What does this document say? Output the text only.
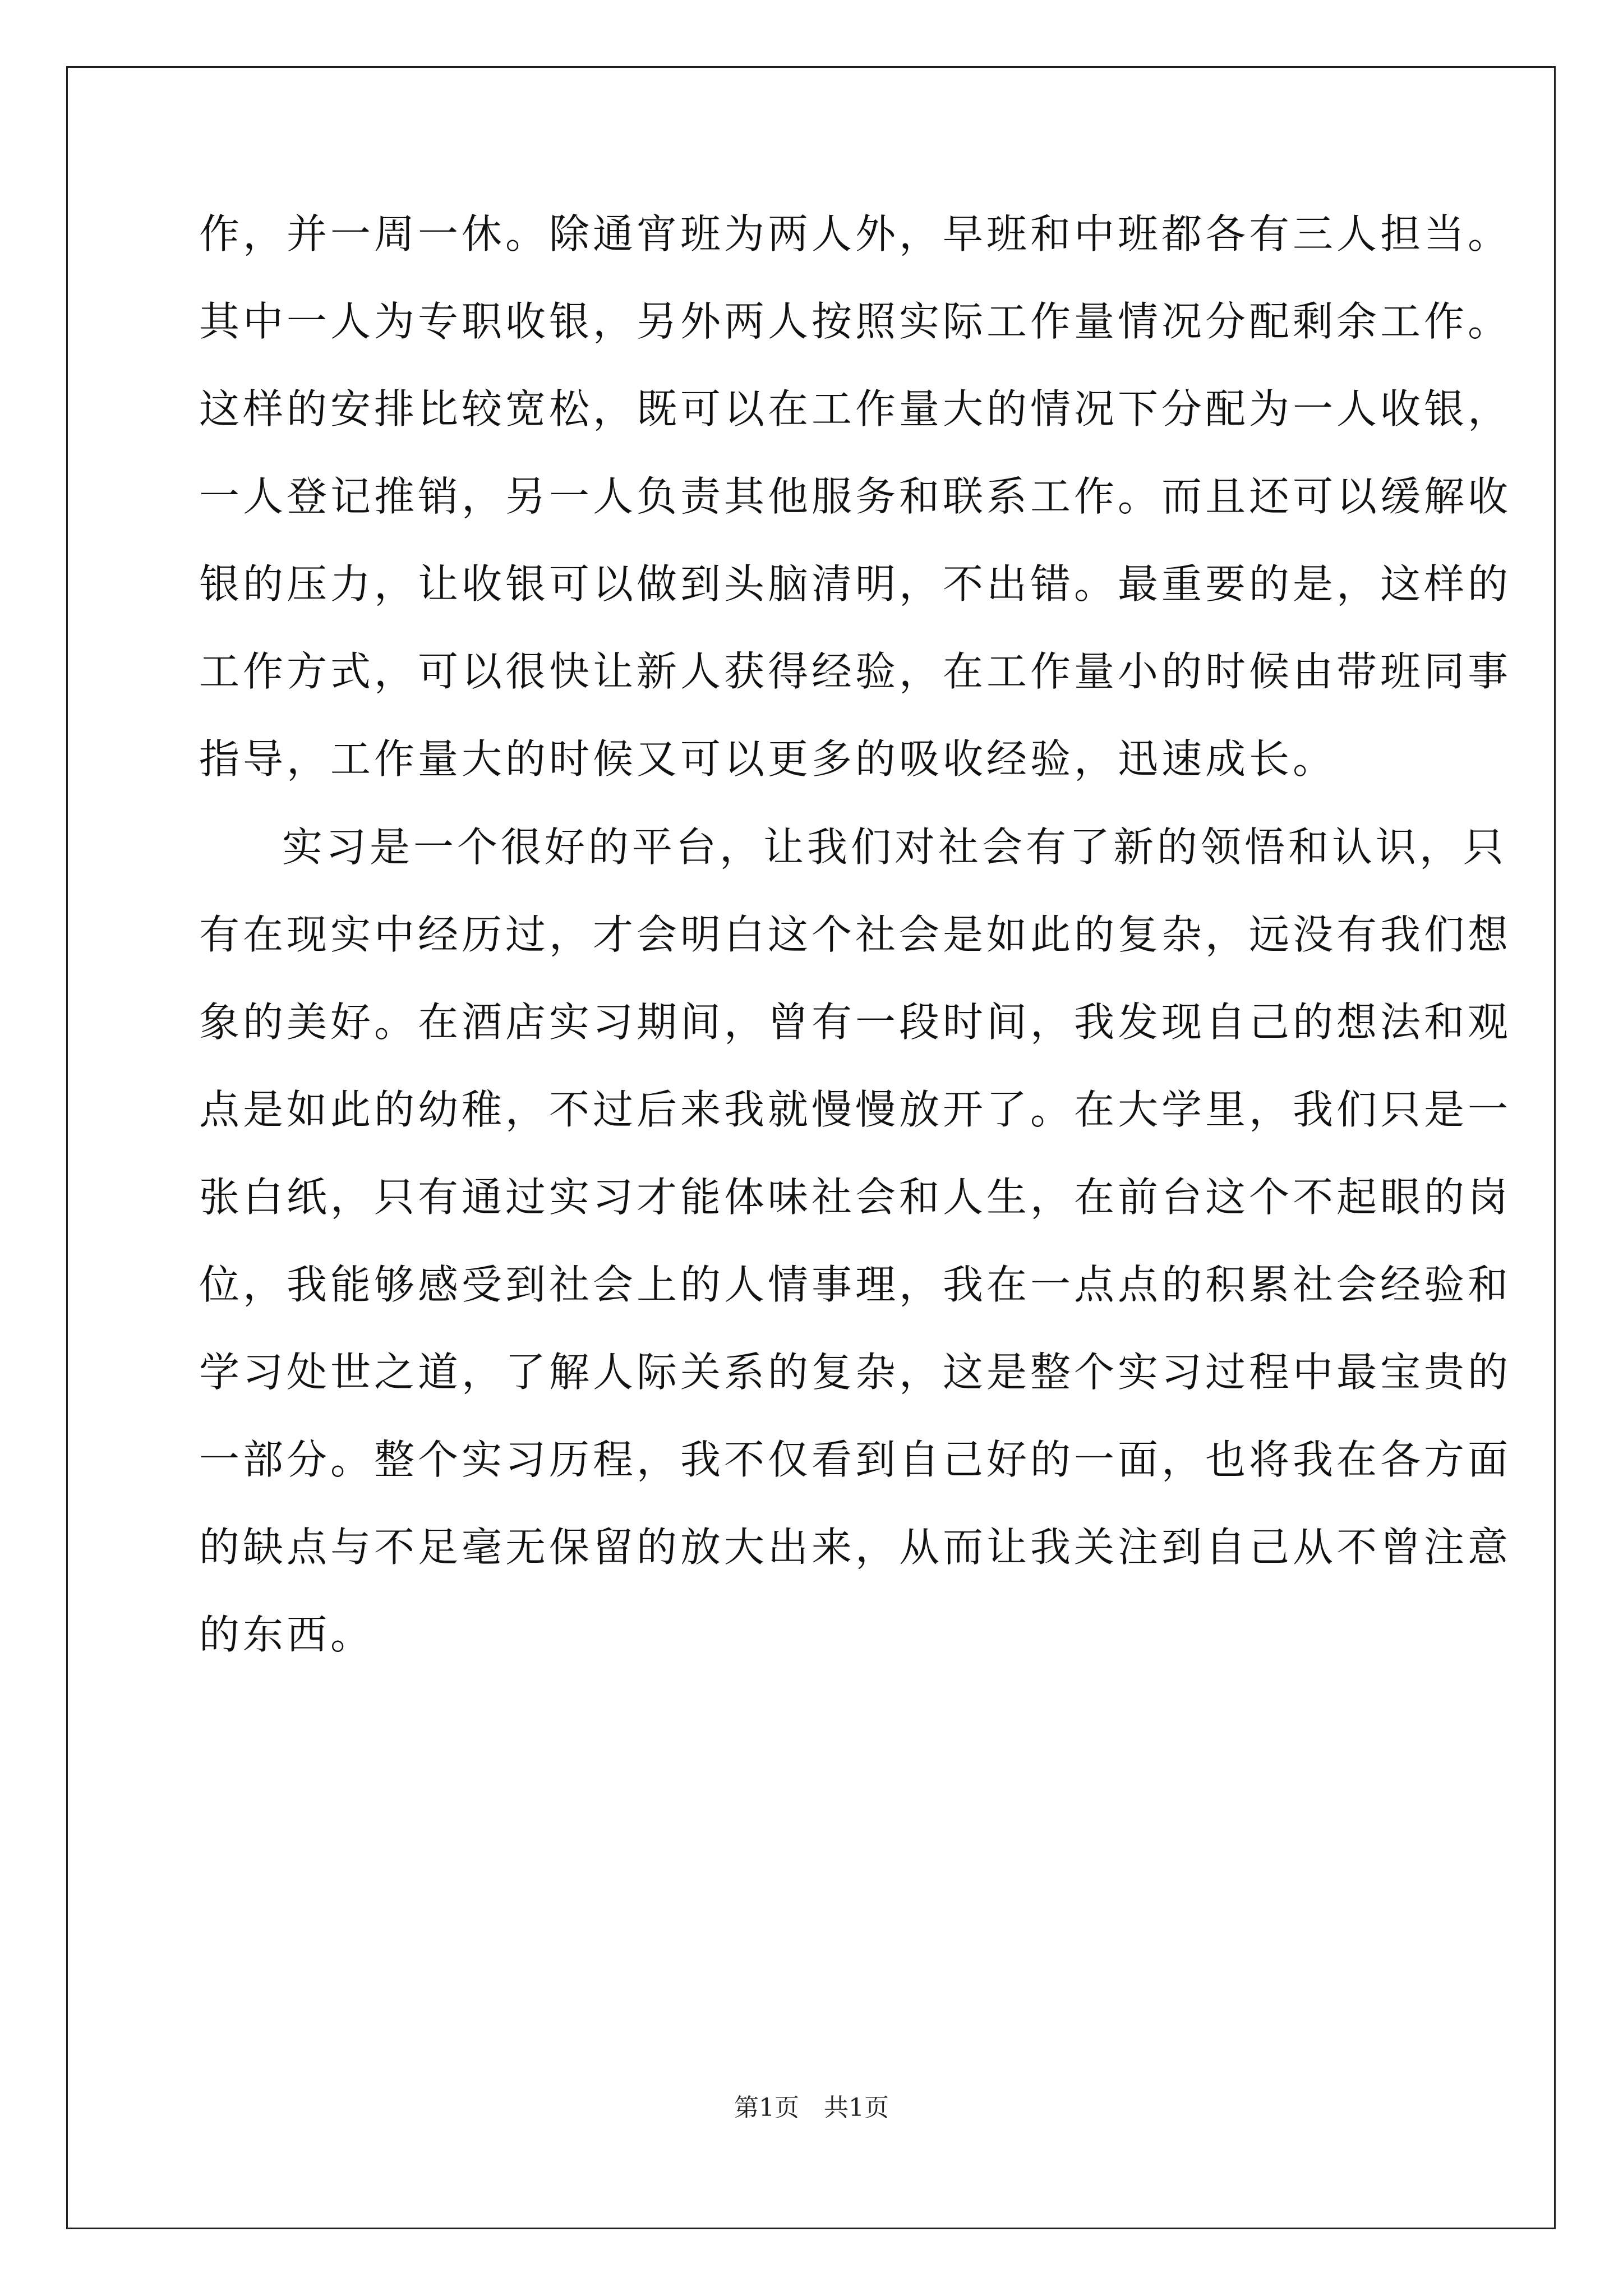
作，并一周一休。除通宵班为两人外，早班和中班都各有三人担当。
其中一人为专职收银，另外两人按照实际工作量情况分配剩余工作。
这样的安排比较宽松，既可以在工作量大的情况下分配为一人收银，
一人登记推销，另一人负责其他服务和联系工作。而且还可以缓解收
银的压力，让收银可以做到头脑清明，不出错。最重要的是，这样的
工作方式，可以很快让新人获得经验，在工作量小的时候由带班同事
指导，工作量大的时候又可以更多的吸收经验，迅速成长。
实习是一个很好的平台，让我们对社会有了新的领悟和认识，只
有在现实中经历过，才会明白这个社会是如此的复杂，远没有我们想
象的美好。在酒店实习期间，曾有一段时间，我发现自己的想法和观
点是如此的幼稚，不过后来我就慢慢放开了。在大学里，我们只是一
张白纸，只有通过实习才能体味社会和人生，在前台这个不起眼的岗
位，我能够感受到社会上的人情事理，我在一点点的积累社会经验和
学习处世之道，了解人际关系的复杂，这是整个实习过程中最宝贵的
一部分。整个实习历程，我不仅看到自己好的一面，也将我在各方面
的缺点与不足毫无保留的放大出来，从而让我关注到自己从不曾注意
的东西。
第1页　共1页
